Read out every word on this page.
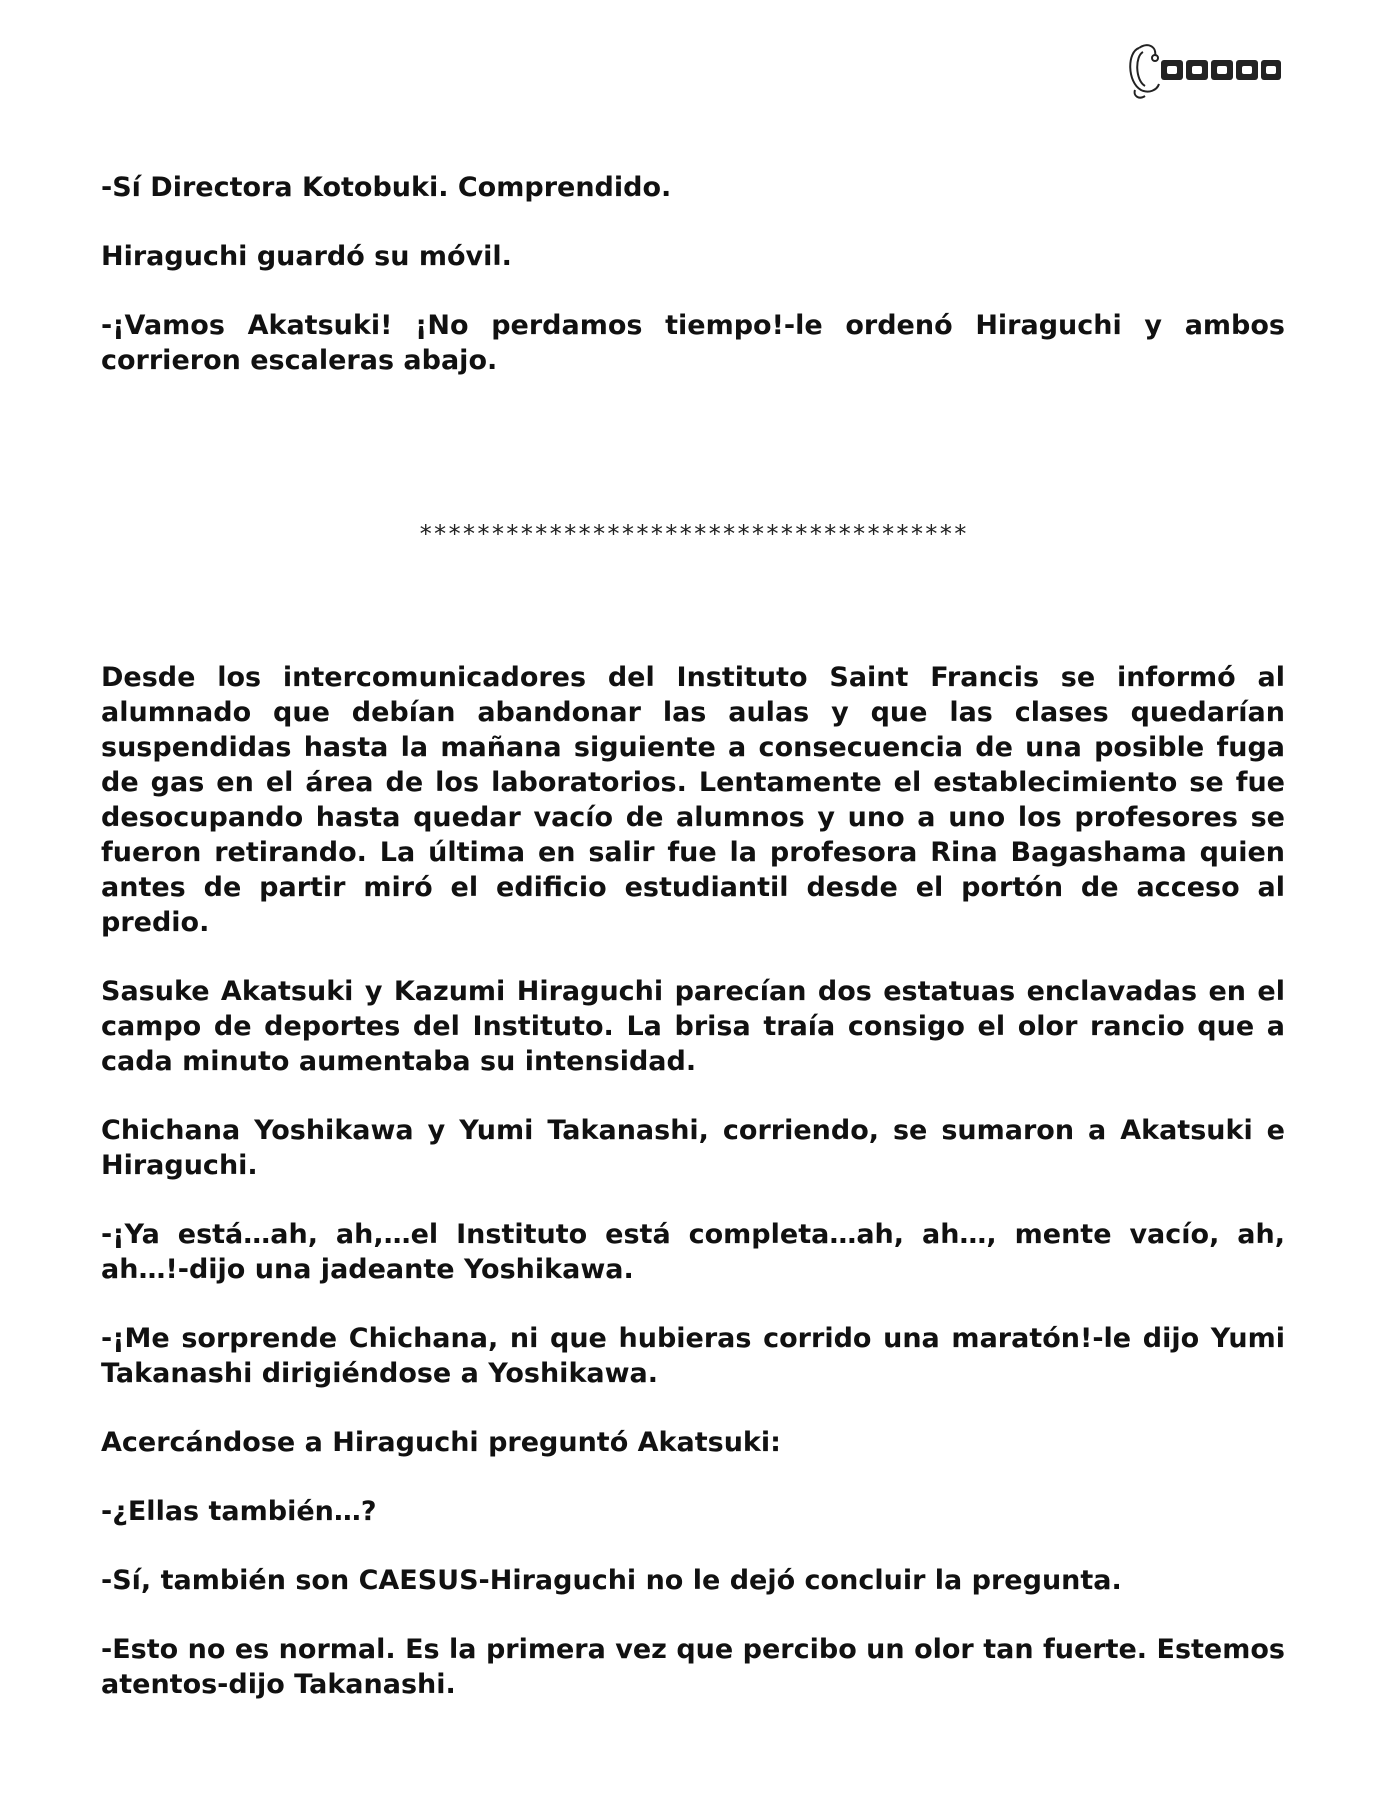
-Sí Directora Kotobuki. Comprendido.

Hiraguchi guardó su móvil.

-¡Vamos Akatsuki! ¡No perdamos tiempo!-le ordenó Hiraguchi y ambos corrieron escaleras abajo.

**************************************

Desde los intercomunicadores del Instituto Saint Francis se informó al alumnado que debían abandonar las aulas y que las clases quedarían suspendidas hasta la mañana siguiente a consecuencia de una posible fuga de gas en el área de los laboratorios. Lentamente el establecimiento se fue desocupando hasta quedar vacío de alumnos y uno a uno los profesores se fueron retirando. La última en salir fue la profesora Rina Bagashama quien antes de partir miró el edificio estudiantil desde el portón de acceso al predio.

Sasuke Akatsuki y Kazumi Hiraguchi parecían dos estatuas enclavadas en el campo de deportes del Instituto. La brisa traía consigo el olor rancio que a cada minuto aumentaba su intensidad.

Chichana Yoshikawa y Yumi Takanashi, corriendo, se sumaron a Akatsuki e Hiraguchi.

-¡Ya está…ah, ah,…el Instituto está completa…ah, ah…, mente vacío, ah, ah…!-dijo una jadeante Yoshikawa.

-¡Me sorprende Chichana, ni que hubieras corrido una maratón!-le dijo Yumi Takanashi dirigiéndose a Yoshikawa.

Acercándose a Hiraguchi preguntó Akatsuki:

-¿Ellas también…?

-Sí, también son CAESUS-Hiraguchi no le dejó concluir la pregunta.

-Esto no es normal. Es la primera vez que percibo un olor tan fuerte. Estemos atentos-dijo Takanashi.
